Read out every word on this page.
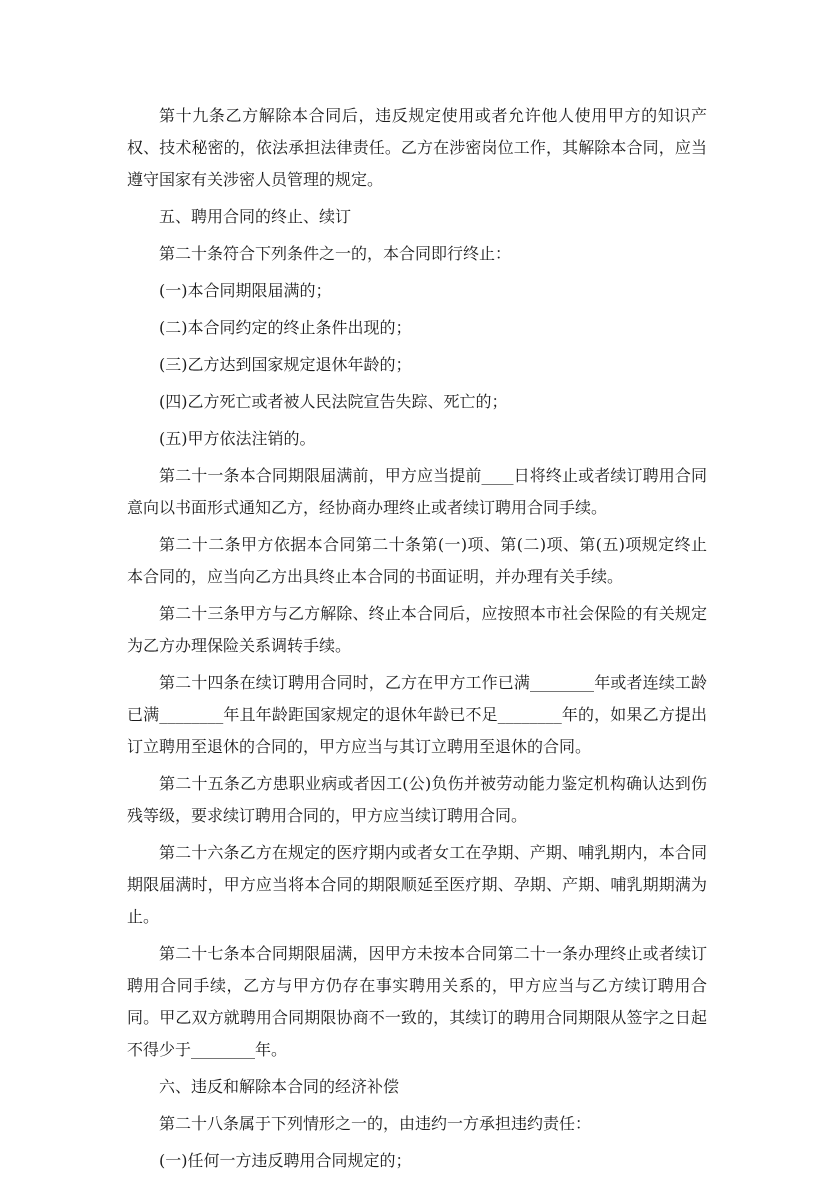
第十九条乙方解除本合同后，违反规定使用或者允许他人使用甲方的知识产权、技术秘密的，依法承担法律责任。乙方在涉密岗位工作，其解除本合同，应当遵守国家有关涉密人员管理的规定。

五、聘用合同的终止、续订

第二十条符合下列条件之一的，本合同即行终止：

(一)本合同期限届满的；

(二)本合同约定的终止条件出现的；

(三)乙方达到国家规定退休年龄的；

(四)乙方死亡或者被人民法院宣告失踪、死亡的；

(五)甲方依法注销的。

第二十一条本合同期限届满前，甲方应当提前____日将终止或者续订聘用合同意向以书面形式通知乙方，经协商办理终止或者续订聘用合同手续。

第二十二条甲方依据本合同第二十条第(一)项、第(二)项、第(五)项规定终止本合同的，应当向乙方出具终止本合同的书面证明，并办理有关手续。

第二十三条甲方与乙方解除、终止本合同后，应按照本市社会保险的有关规定为乙方办理保险关系调转手续。

第二十四条在续订聘用合同时，乙方在甲方工作已满________年或者连续工龄已满________年且年龄距国家规定的退休年龄已不足________年的，如果乙方提出订立聘用至退休的合同的，甲方应当与其订立聘用至退休的合同。

第二十五条乙方患职业病或者因工(公)负伤并被劳动能力鉴定机构确认达到伤残等级，要求续订聘用合同的，甲方应当续订聘用合同。

第二十六条乙方在规定的医疗期内或者女工在孕期、产期、哺乳期内，本合同期限届满时，甲方应当将本合同的期限顺延至医疗期、孕期、产期、哺乳期期满为止。

第二十七条本合同期限届满，因甲方未按本合同第二十一条办理终止或者续订聘用合同手续，乙方与甲方仍存在事实聘用关系的，甲方应当与乙方续订聘用合同。甲乙双方就聘用合同期限协商不一致的，其续订的聘用合同期限从签字之日起不得少于________年。

六、违反和解除本合同的经济补偿

第二十八条属于下列情形之一的，由违约一方承担违约责任：

(一)任何一方违反聘用合同规定的；
